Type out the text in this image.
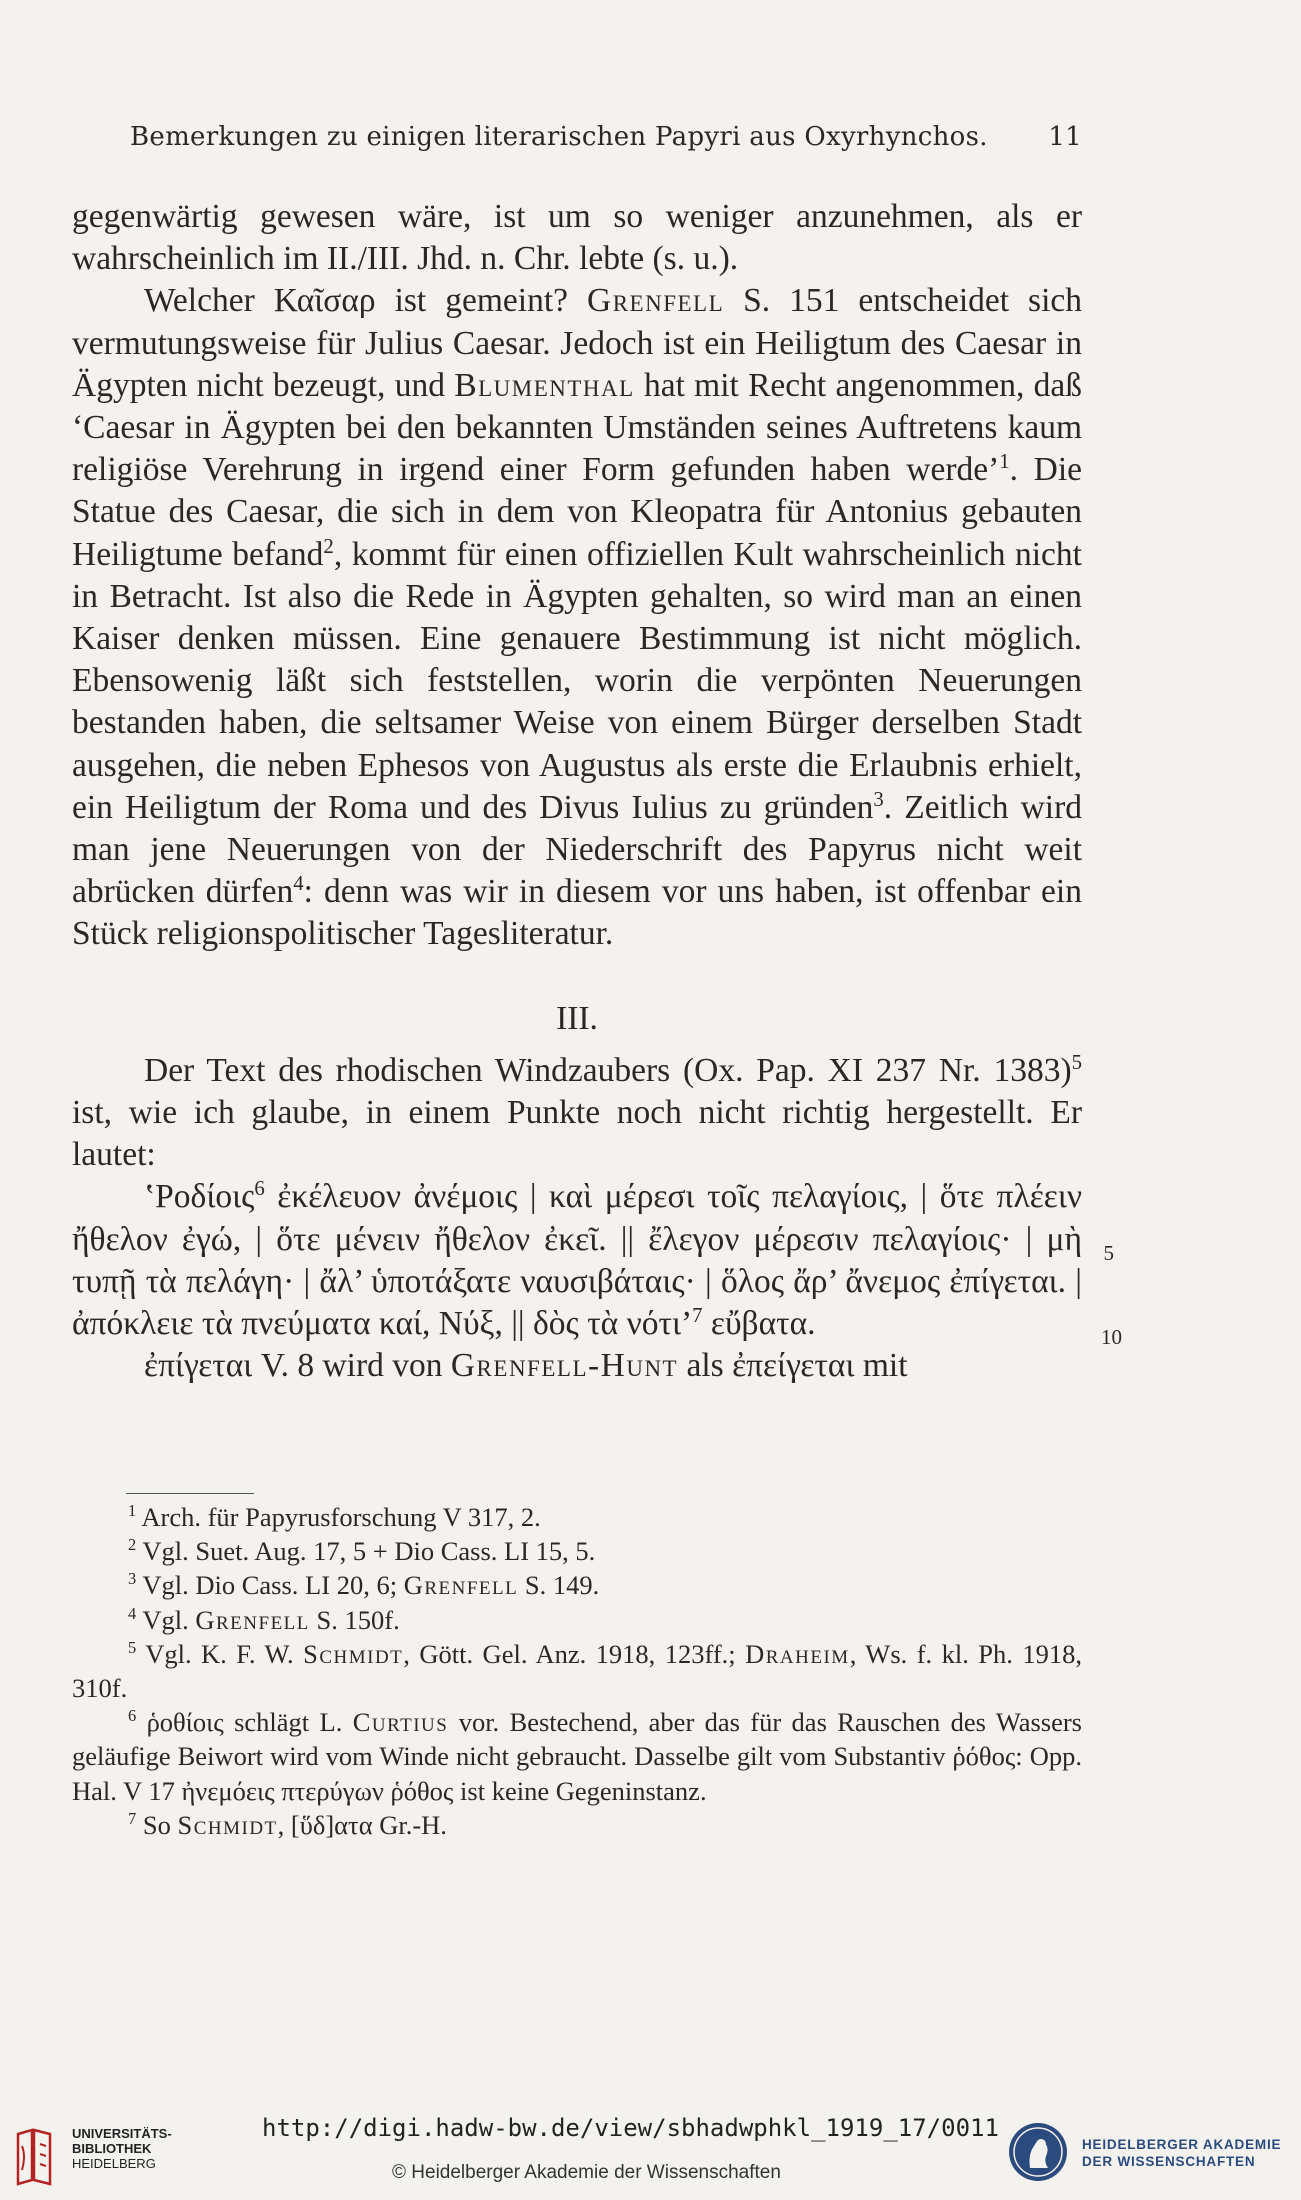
Bemerkungen zu einigen literarischen Papyri aus Oxyrhynchos. 11

gegenwärtig gewesen wäre, ist um so weniger anzunehmen, als er wahrscheinlich im II./III. Jhd. n. Chr. lebte (s. u.).

Welcher Καῖσαρ ist gemeint? Grenfell S. 151 entscheidet sich vermutungsweise für Julius Caesar. Jedoch ist ein Heiligtum des Caesar in Ägypten nicht bezeugt, und Blumenthal hat mit Recht angenommen, daß ‘Caesar in Ägypten bei den bekannten Umständen seines Auftretens kaum religiöse Verehrung in irgend einer Form gefunden haben werde’$^1$. Die Statue des Caesar, die sich in dem von Kleopatra für Antonius gebauten Heiligtume befand$^2$, kommt für einen offiziellen Kult wahrscheinlich nicht in Betracht. Ist also die Rede in Ägypten gehalten, so wird man an einen Kaiser denken müssen. Eine genauere Bestimmung ist nicht möglich. Ebensowenig läßt sich feststellen, worin die verpönten Neuerungen bestanden haben, die seltsamer Weise von einem Bürger derselben Stadt ausgehen, die neben Ephesos von Augustus als erste die Erlaubnis erhielt, ein Heiligtum der Roma und des Divus Iulius zu gründen$^3$. Zeitlich wird man jene Neuerungen von der Niederschrift des Papyrus nicht weit abrücken dürfen$^4$: denn was wir in diesem vor uns haben, ist offenbar ein Stück religionspolitischer Tagesliteratur.

III.

Der Text des rhodischen Windzaubers (Ox. Pap. XI 237 Nr. 1383)$^5$ ist, wie ich glaube, in einem Punkte noch nicht richtig hergestellt. Er lautet:

ʽΡοδίοις$^6$ ἐκέλευον ἀνέμοις | καὶ μέρεσι τοῖς πελαγίοις, | ὅτε πλέειν ἤθελον ἐγώ, | ὅτε μένειν ἤθελον ἐκεῖ. || ἔλεγον μέρεσιν πελαγίοις· | μὴ τυπῇ τὰ πελάγη· | ἄλ’ ὑποτάξατε ναυσιβάταις· | ὅλος ἄρ’ ἄνεμος ἐπίγεται. | ἀπόκλειε τὰ πνεύματα καί, Νύξ, || δὸς τὰ νότι’$^7$ εὔβατα.

5
10

ἐπίγεται V. 8 wird von Grenfell-Hunt als ἐπείγεται mit

$^1$ Arch. für Papyrusforschung V 317, 2.

$^2$ Vgl. Suet. Aug. 17, 5 + Dio Cass. LI 15, 5.

$^3$ Vgl. Dio Cass. LI 20, 6; Grenfell S. 149.

$^4$ Vgl. Grenfell S. 150f.

$^5$ Vgl. K. F. W. Schmidt, Gött. Gel. Anz. 1918, 123ff.; Draheim, Ws. f. kl. Ph. 1918, 310f.

$^6$ ῥοθίοις schlägt L. Curtius vor. Bestechend, aber das für das Rauschen des Wassers geläufige Beiwort wird vom Winde nicht gebraucht. Dasselbe gilt vom Substantiv ῥόθος: Opp. Hal. V 17 ἠνεμόεις πτερύγων ῥόθος ist keine Gegeninstanz.

$^7$ So Schmidt, [ὕδ]ατα Gr.-H.

UNIVERSITÄTS-
BIBLIOTHEK
HEIDELBERG
http://digi.hadw-bw.de/view/sbhadwphkl_1919_17/0011
© Heidelberger Akademie der Wissenschaften
HEIDELBERGER AKADEMIE
DER WISSENSCHAFTEN
